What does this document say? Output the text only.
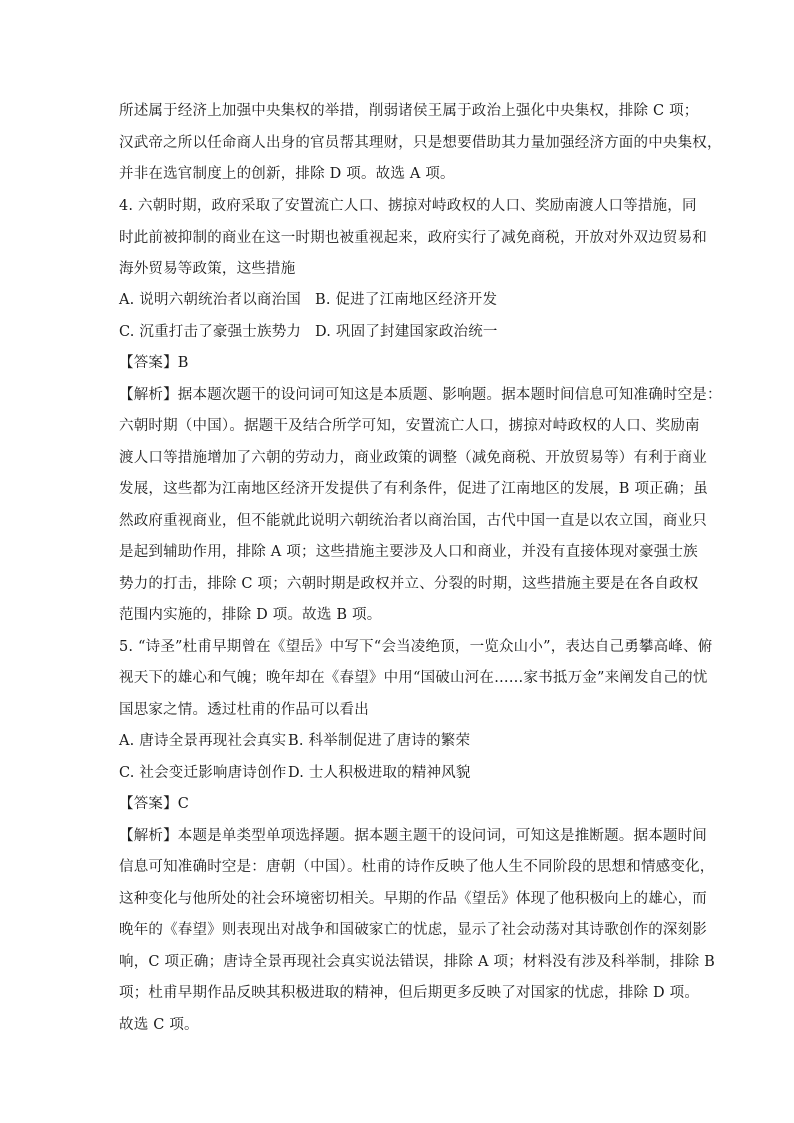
所述属于经济上加强中央集权的举措，削弱诸侯王属于政治上强化中央集权，排除 C 项；
汉武帝之所以任命商人出身的官员帮其理财，只是想要借助其力量加强经济方面的中央集权，
并非在选官制度上的创新，排除 D 项。故选 A 项。
4. 六朝时期，政府采取了安置流亡人口、掳掠对峙政权的人口、奖励南渡人口等措施，同
时此前被抑制的商业在这一时期也被重视起来，政府实行了减免商税，开放对外双边贸易和
海外贸易等政策，这些措施
A. 说明六朝统治者以商治国 B. 促进了江南地区经济开发
C. 沉重打击了豪强士族势力 D. 巩固了封建国家政治统一
【答案】B
【解析】据本题次题干的设问词可知这是本质题、影响题。据本题时间信息可知准确时空是：
六朝时期（中国）。据题干及结合所学可知，安置流亡人口，掳掠对峙政权的人口、奖励南
渡人口等措施增加了六朝的劳动力，商业政策的调整（减免商税、开放贸易等）有利于商业
发展，这些都为江南地区经济开发提供了有利条件，促进了江南地区的发展，B 项正确；虽
然政府重视商业，但不能就此说明六朝统治者以商治国，古代中国一直是以农立国，商业只
是起到辅助作用，排除 A 项；这些措施主要涉及人口和商业，并没有直接体现对豪强士族
势力的打击，排除 C 项；六朝时期是政权并立、分裂的时期，这些措施主要是在各自政权
范围内实施的，排除 D 项。故选 B 项。
5. “诗圣”杜甫早期曾在《望岳》中写下“会当凌绝顶，一览众山小”，表达自己勇攀高峰、俯
视天下的雄心和气魄；晚年却在《春望》中用“国破山河在……家书抵万金”来阐发自己的忧
国思家之情。透过杜甫的作品可以看出
A. 唐诗全景再现社会真实 B. 科举制促进了唐诗的繁荣
C. 社会变迁影响唐诗创作 D. 士人积极进取的精神风貌
【答案】C
【解析】本题是单类型单项选择题。据本题主题干的设问词，可知这是推断题。据本题时间
信息可知准确时空是：唐朝（中国）。杜甫的诗作反映了他人生不同阶段的思想和情感变化，
这种变化与他所处的社会环境密切相关。早期的作品《望岳》体现了他积极向上的雄心，而
晚年的《春望》则表现出对战争和国破家亡的忧虑，显示了社会动荡对其诗歌创作的深刻影
响，C 项正确；唐诗全景再现社会真实说法错误，排除 A 项；材料没有涉及科举制，排除 B
项；杜甫早期作品反映其积极进取的精神，但后期更多反映了对国家的忧虑，排除 D 项。
故选 C 项。
